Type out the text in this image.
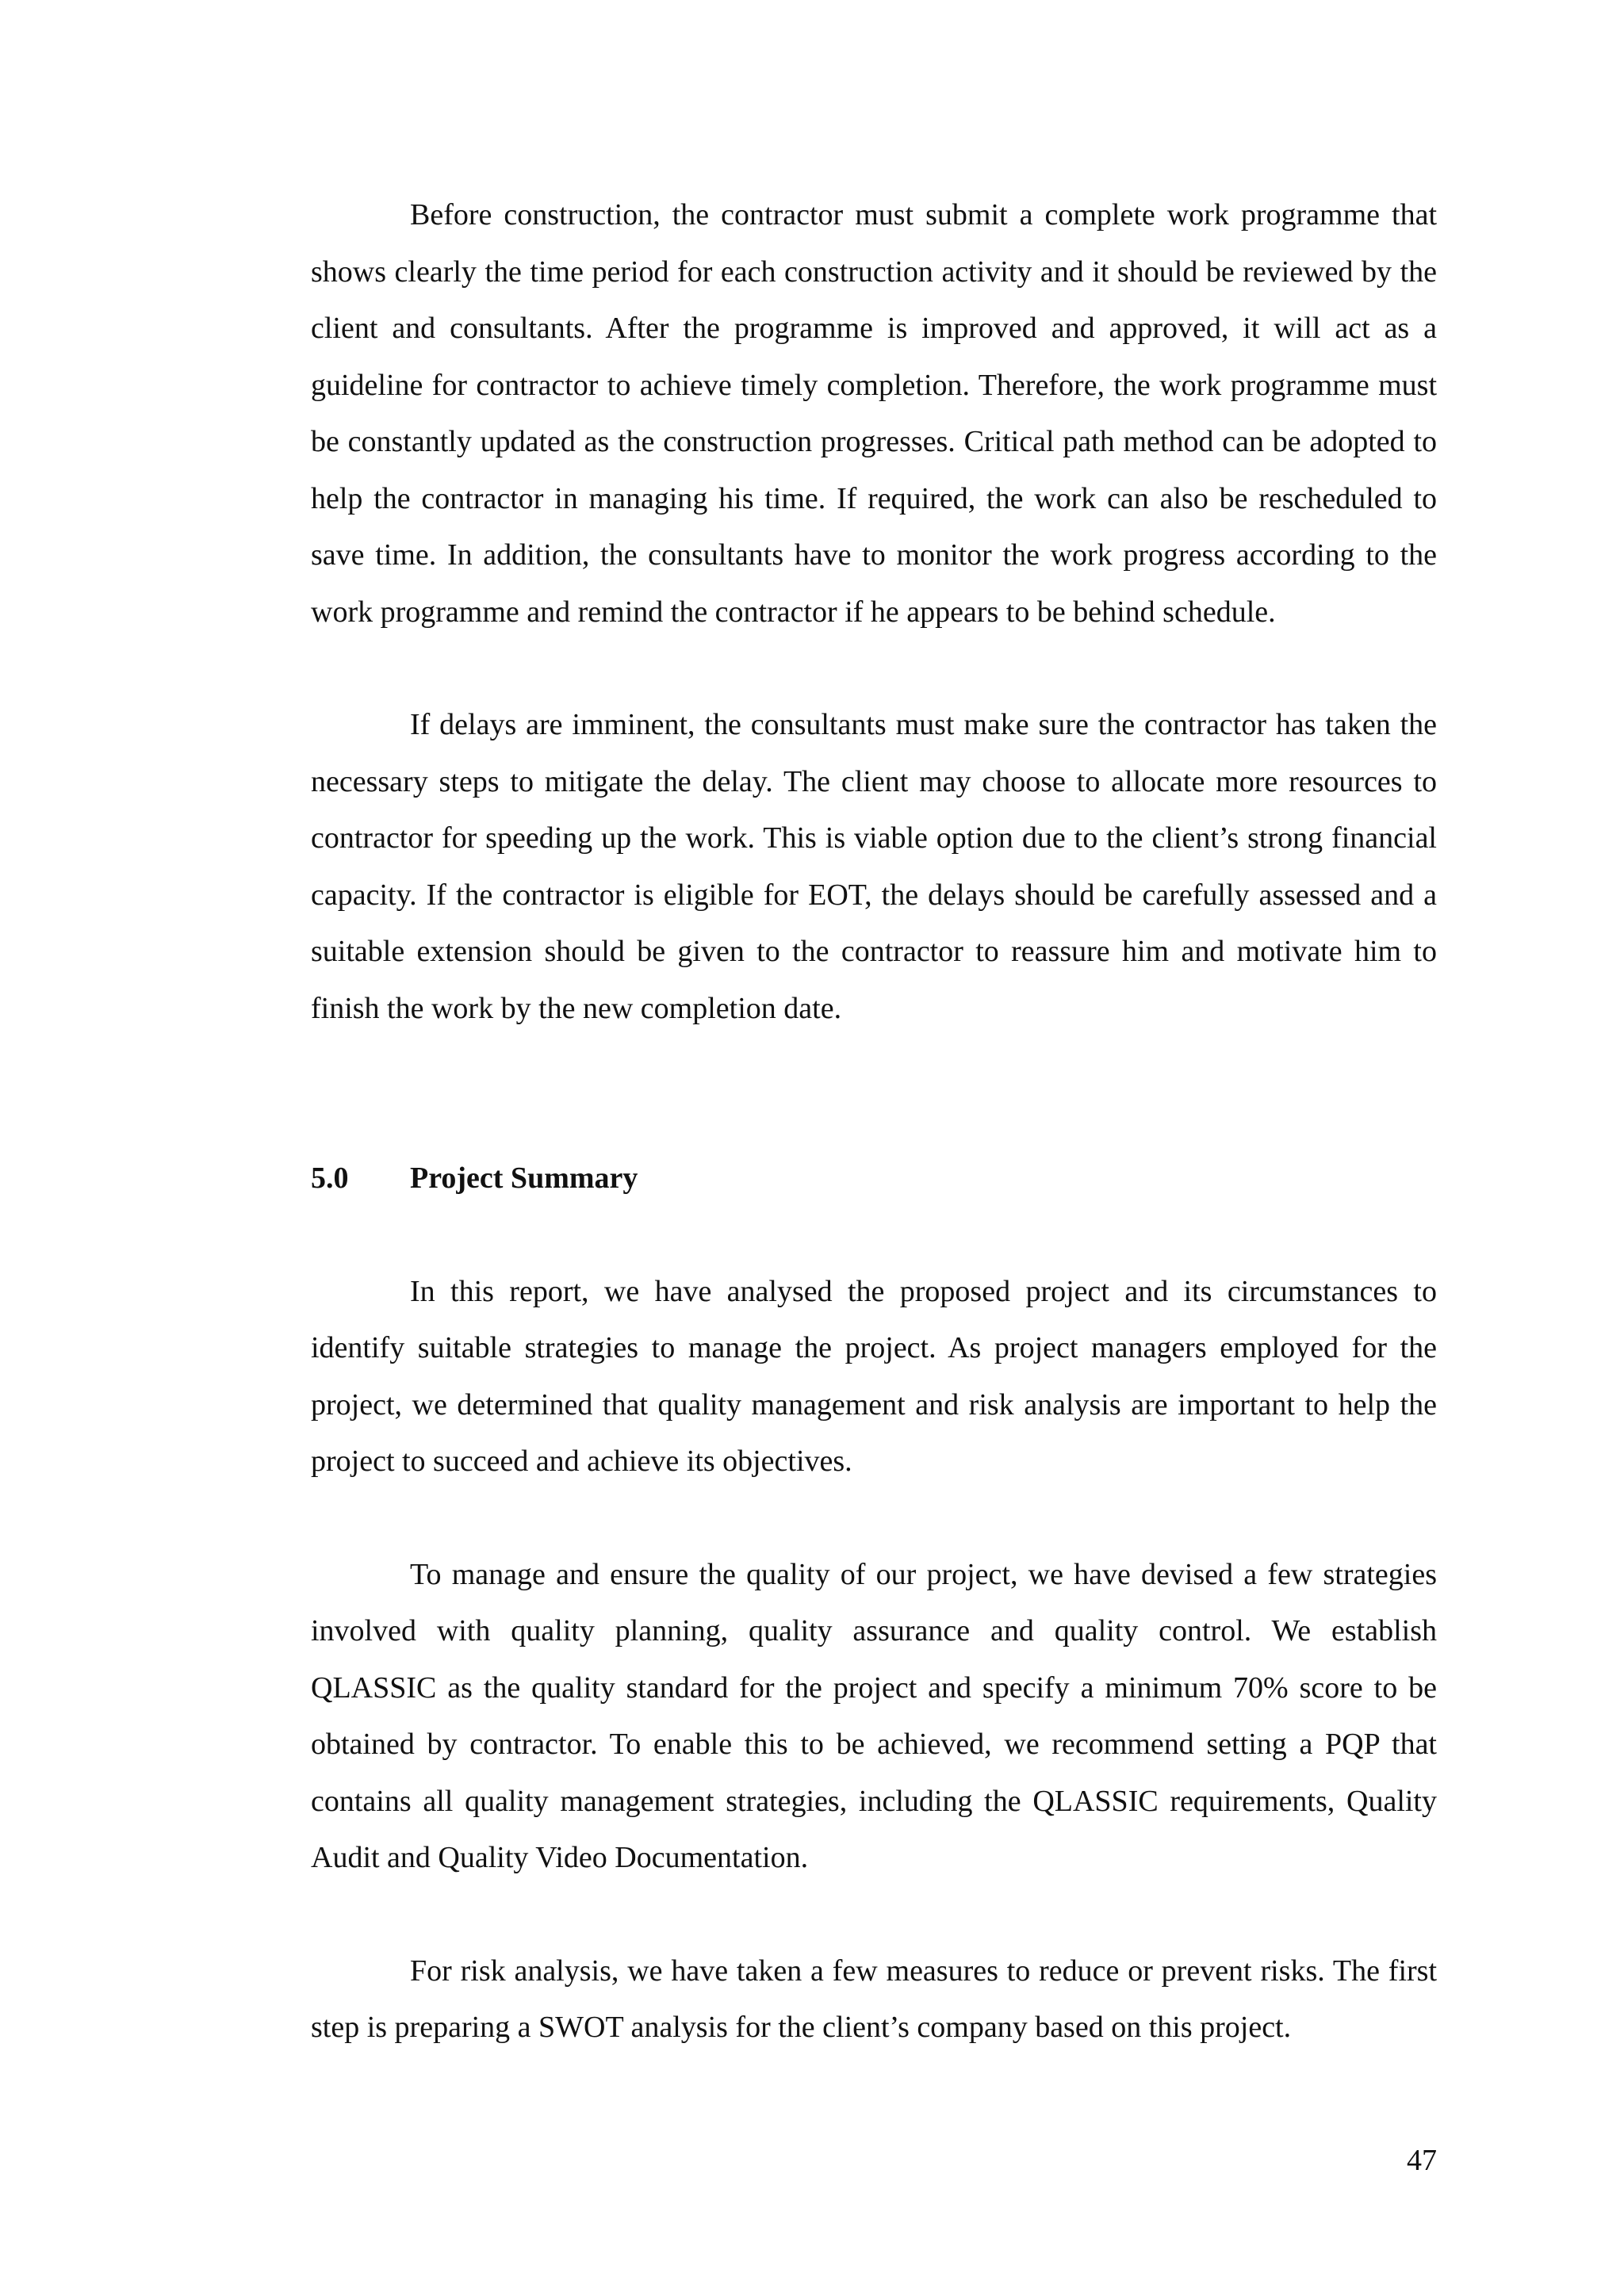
Before construction, the contractor must submit a complete work programme that shows clearly the time period for each construction activity and it should be reviewed by the client and consultants. After the programme is improved and approved, it will act as a guideline for contractor to achieve timely completion. Therefore, the work programme must be constantly updated as the construction progresses. Critical path method can be adopted to help the contractor in managing his time. If required, the work can also be rescheduled to save time. In addition, the consultants have to monitor the work progress according to the work programme and remind the contractor if he appears to be behind schedule.

If delays are imminent, the consultants must make sure the contractor has taken the necessary steps to mitigate the delay. The client may choose to allocate more resources to contractor for speeding up the work. This is viable option due to the client’s strong financial capacity. If the contractor is eligible for EOT, the delays should be carefully assessed and a suitable extension should be given to the contractor to reassure him and motivate him to finish the work by the new completion date.

5.0	Project Summary

In this report, we have analysed the proposed project and its circumstances to identify suitable strategies to manage the project. As project managers employed for the project, we determined that quality management and risk analysis are important to help the project to succeed and achieve its objectives.

To manage and ensure the quality of our project, we have devised a few strategies involved with quality planning, quality assurance and quality control. We establish QLASSIC as the quality standard for the project and specify a minimum 70% score to be obtained by contractor. To enable this to be achieved, we recommend setting a PQP that contains all quality management strategies, including the QLASSIC requirements, Quality Audit and Quality Video Documentation.

For risk analysis, we have taken a few measures to reduce or prevent risks. The first step is preparing a SWOT analysis for the client’s company based on this project.

47
